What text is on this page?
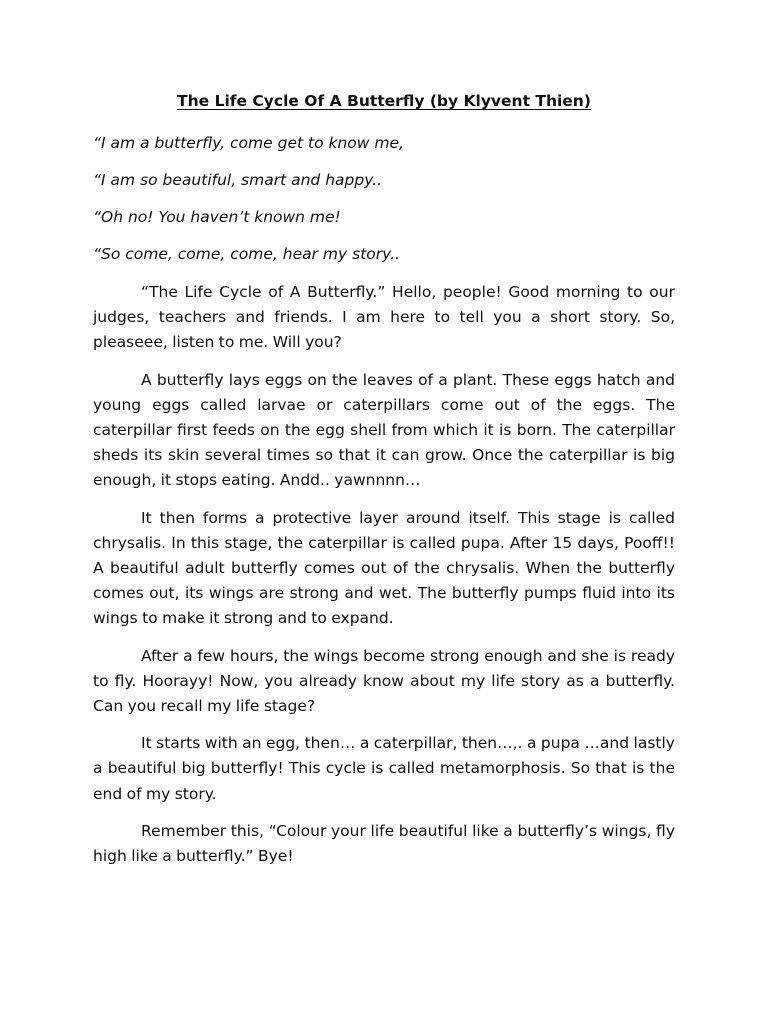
The Life Cycle Of A Butterfly (by Klyvent Thien)

“I am a butterfly, come get to know me,

“I am so beautiful, smart and happy..

“Oh no! You haven’t known me!

“So come, come, come, hear my story..

“The Life Cycle of A Butterfly.” Hello, people! Good morning to our judges, teachers and friends. I am here to tell you a short story. So, pleaseee, listen to me. Will you?

A butterfly lays eggs on the leaves of a plant. These eggs hatch and young eggs called larvae or caterpillars come out of the eggs. The caterpillar first feeds on the egg shell from which it is born. The caterpillar sheds its skin several times so that it can grow. Once the caterpillar is big enough, it stops eating. Andd.. yawnnnn…

It then forms a protective layer around itself. This stage is called chrysalis. In this stage, the caterpillar is called pupa. After 15 days, Pooff!! A beautiful adult butterfly comes out of the chrysalis. When the butterfly comes out, its wings are strong and wet. The butterfly pumps fluid into its wings to make it strong and to expand.

After a few hours, the wings become strong enough and she is ready to fly. Hoorayy! Now, you already know about my life story as a butterfly. Can you recall my life stage?

It starts with an egg, then… a caterpillar, then…,. a pupa …and lastly a beautiful big butterfly! This cycle is called metamorphosis. So that is the end of my story.

Remember this, “Colour your life beautiful like a butterfly’s wings, fly high like a butterfly.” Bye!
